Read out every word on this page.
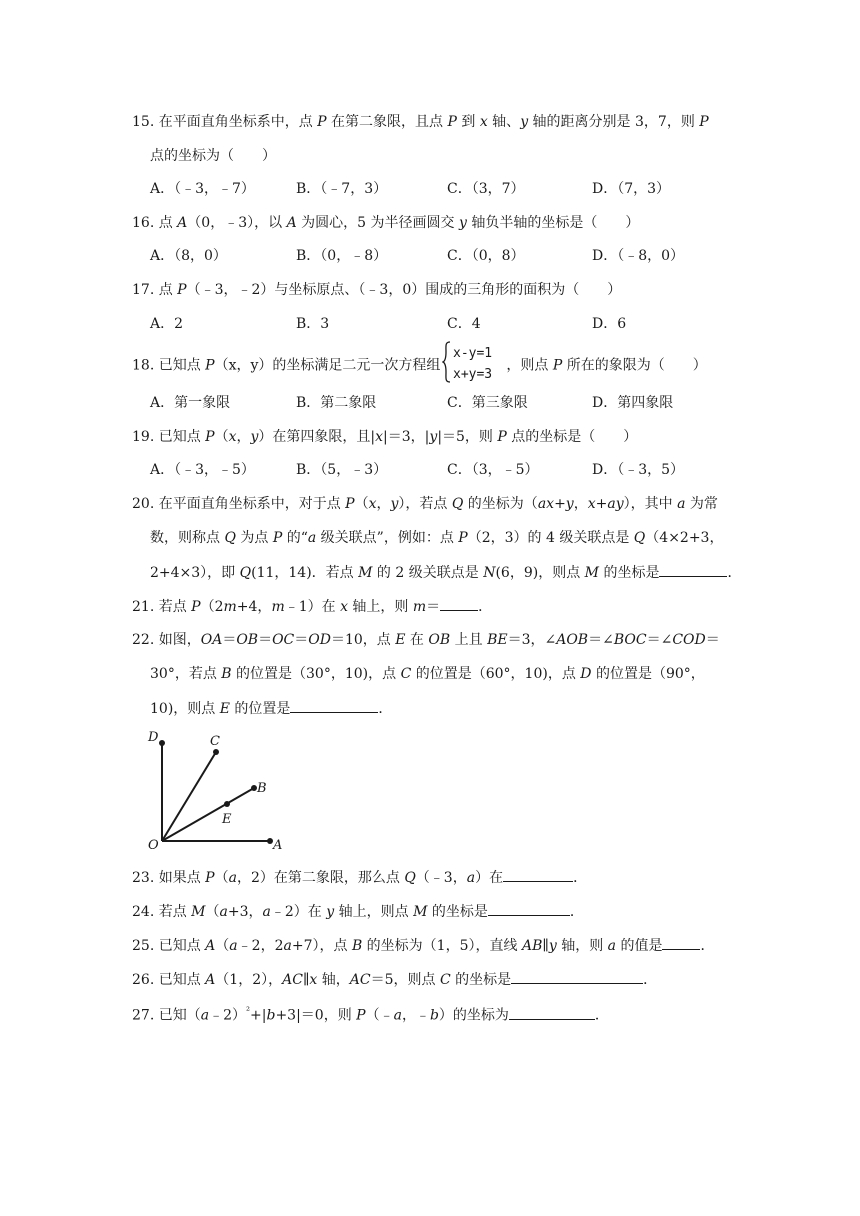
15. 在平面直角坐标系中，点 P 在第二象限，且点 P 到 x 轴、y 轴的距离分别是 3，7，则 P
点的坐标为（　　）
A．（﹣3，﹣7）	B．（﹣7，3）	C．（3，7）	D．（7，3）
16. 点 A（0，﹣3），以 A 为圆心，5 为半径画圆交 y 轴负半轴的坐标是（　　）
A．（8，0）	B．（0，﹣8）	C．（0，8）	D．（﹣8，0）
17. 点 P（﹣3，﹣2）与坐标原点、（﹣3，0）围成的三角形的面积为（　　）
A．2	B．3	C．4	D．6
18. 已知点 P（x，y）的坐标满足二元一次方程组
x-y=1
x+y=3
，则点 P 所在的象限为（　　）
A．第一象限	B．第二象限	C．第三象限	D．第四象限
19. 已知点 P（x，y）在第四象限，且|x|＝3，|y|＝5，则 P 点的坐标是（　　）
A．（﹣3，﹣5）	B．（5，﹣3）	C．（3，﹣5）	D．（﹣3，5）
20. 在平面直角坐标系中，对于点 P（x，y），若点 Q 的坐标为（ax+y，x+ay），其中 a 为常
数，则称点 Q 为点 P 的“a 级关联点”，例如：点 P（2，3）的 4 级关联点是 Q（4×2+3，
2+4×3），即 Q(11，14)．若点 M 的 2 级关联点是 N(6，9)，则点 M 的坐标是	．
21. 若点 P（2m+4，m﹣1）在 x 轴上，则 m＝	．
22. 如图，OA＝OB＝OC＝OD＝10，点 E 在 OB 上且 BE＝3，∠AOB＝∠BOC＝∠COD＝
30°，若点 B 的位置是（30°，10)，点 C 的位置是（60°，10)，点 D 的位置是（90°，
10)，则点 E 的位置是	．
D	C
B
E
O	A
23. 如果点 P（a，2）在第二象限，那么点 Q（﹣3，a）在	．
24. 若点 M（a+3，a﹣2）在 y 轴上，则点 M 的坐标是	．
25. 已知点 A（a﹣2，2a+7），点 B 的坐标为（1，5），直线 AB∥y 轴，则 a 的值是	．
26. 已知点 A（1，2），AC∥x 轴，AC＝5，则点 C 的坐标是	．
27. 已知（a﹣2）$^{^2}$+|b+3|＝0，则 P（﹣a，﹣b）的坐标为	．
